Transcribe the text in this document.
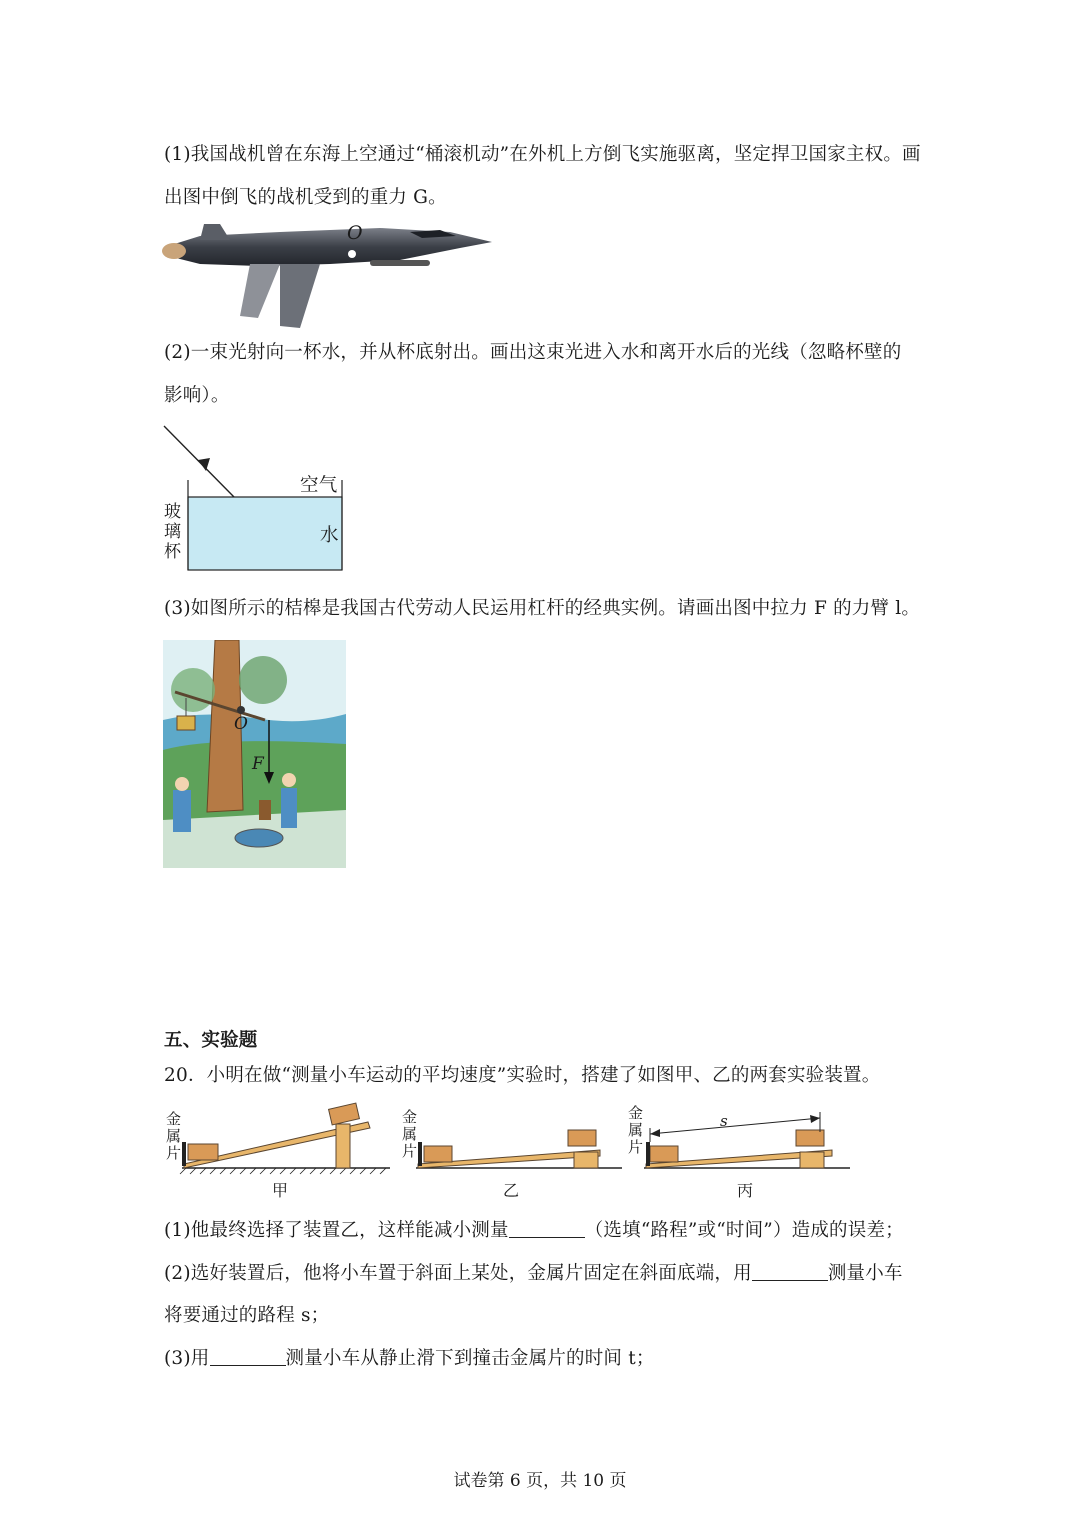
(1)我国战机曾在东海上空通过“桶滚机动”在外机上方倒飞实施驱离，坚定捍卫国家主权。画
出图中倒飞的战机受到的重力 G。
O
(2)一束光射向一杯水，并从杯底射出。画出这束光进入水和离开水后的光线（忽略杯壁的
影响）。
空气
水
玻
璃
杯
(3)如图所示的桔槔是我国古代劳动人民运用杠杆的经典实例。请画出图中拉力 F 的力臂 l。
O
F
五、实验题
20．小明在做“测量小车运动的平均速度”实验时，搭建了如图甲、乙的两套实验装置。
金
属
片
金
属
片
金
属
片
s
甲	乙	丙
(1)他最终选择了装置乙，这样能减小测量	（选填“路程”或“时间”）造成的误差；
(2)选好装置后，他将小车置于斜面上某处，金属片固定在斜面底端，用	测量小车
将要通过的路程 s；
(3)用	测量小车从静止滑下到撞击金属片的时间 t；
试卷第 6 页，共 10 页
